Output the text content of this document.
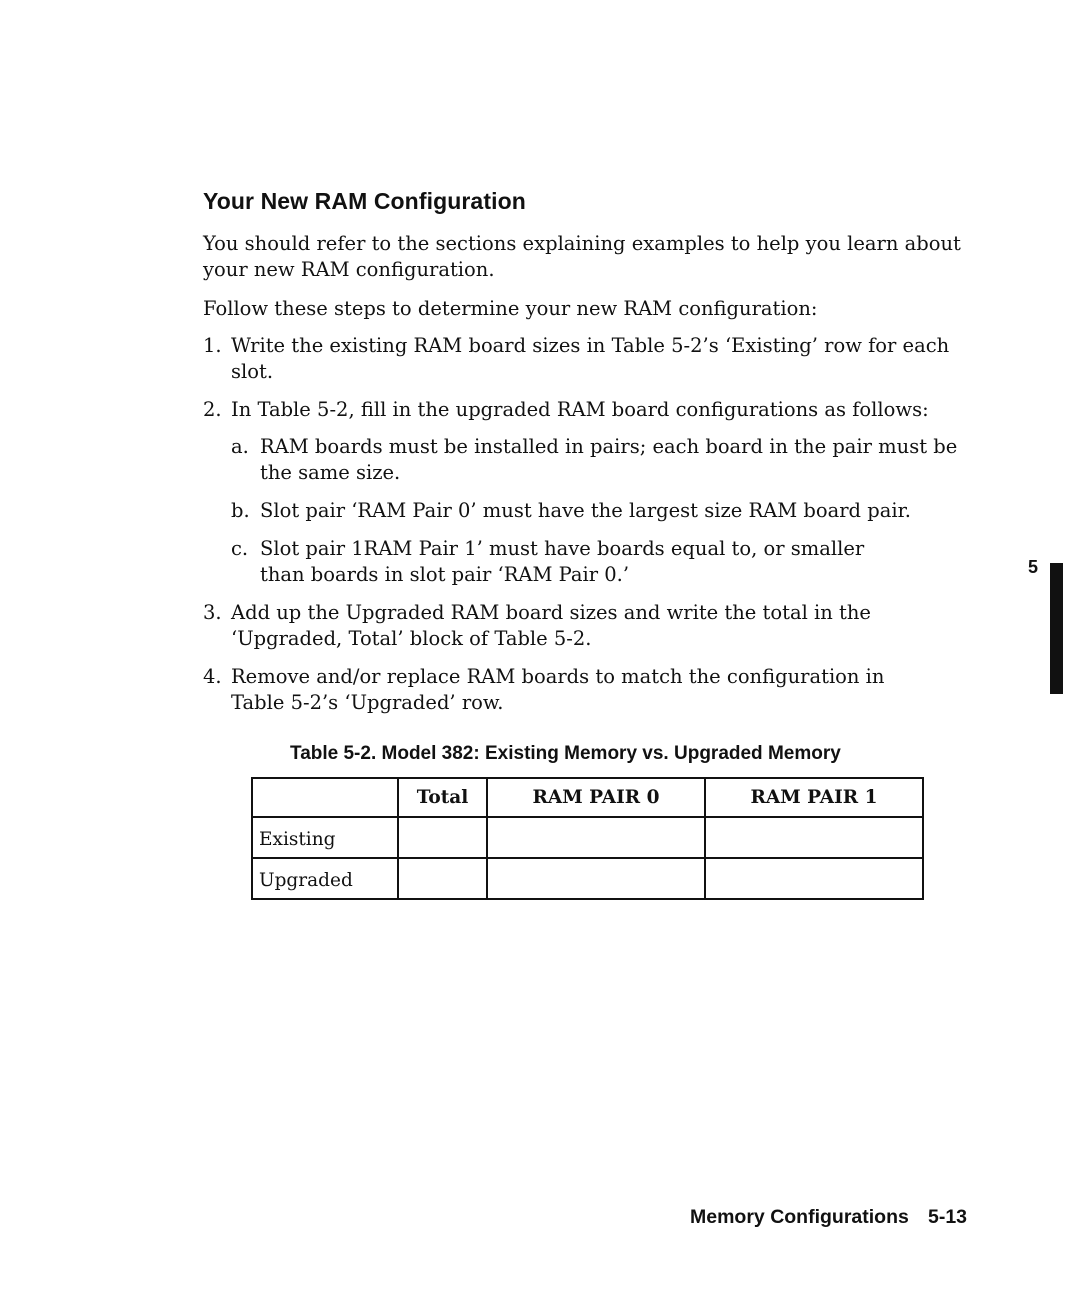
Your New RAM Configuration

You should refer to the sections explaining examples to help you learn about your new RAM configuration.

Follow these steps to determine your new RAM configuration:

1. Write the existing RAM board sizes in Table 5-2’s ‘Existing’ row for each slot.
2. In Table 5-2, fill in the upgraded RAM board configurations as follows:
a. RAM boards must be installed in pairs; each board in the pair must be the same size.
b. Slot pair ‘RAM Pair 0’ must have the largest size RAM board pair.
c. Slot pair 1RAM Pair 1’ must have boards equal to, or smaller than boards in slot pair ‘RAM Pair 0.’
3. Add up the Upgraded RAM board sizes and write the total in the ‘Upgraded, Total’ block of Table 5-2.
4. Remove and/or replace RAM boards to match the configuration in Table 5-2’s ‘Upgraded’ row.
Table 5-2. Model 382: Existing Memory vs. Upgraded Memory
	Total	RAM PAIR 0	RAM PAIR 1
Existing			
Upgraded			
5
Memory Configurations 5-13
